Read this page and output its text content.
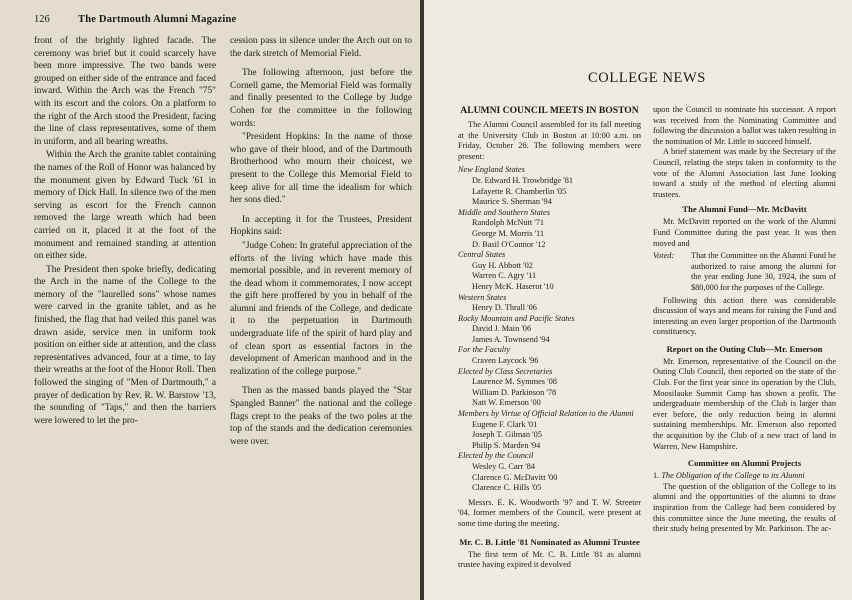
126	The Dartmouth Alumni Magazine

front of the brightly lighted facade. The ceremony was brief but it could scarcely have been more impressive. The two bands were grouped on either side of the entrance and faced inward. Within the Arch was the French "75" with its escort and the colors. On a platform to the right of the Arch stood the President, facing the line of class representatives, some of them in uniform, and all bearing wreaths.

Within the Arch the granite tablet containing the names of the Roll of Honor was balanced by the monument given by Edward Tuck '61 in memory of Dick Hall. In silence two of the men serving as escort for the French cannon removed the large wreath which had been carried on it, placed it at the foot of the monument and remained standing at attention on either side.

The President then spoke briefly, dedicating the Arch in the name of the College to the memory of the "laurelled sons" whose names were carved in the granite tablet, and as he finished, the flag that had veiled this panel was drawn aside, service men in uniform took position on either side at attention, and the class representatives advanced, four at a time, to lay their wreaths at the foot of the Honor Roll. Then followed the singing of "Men of Dartmouth," a prayer of dedication by Rev. R. W. Barstow '13, the sounding of "Taps," and then the barriers were lowered to let the pro-

cession pass in silence under the Arch out on to the dark stretch of Memorial Field.

The following afternoon, just before the Cornell game, the Memorial Field was formally and finally presented to the College by Judge Cohen for the committee in the following words:

"President Hopkins: In the name of those who gave of their blood, and of the Dartmouth Brotherhood who mourn their choicest, we present to the College this Memorial Field to keep alive for all time the idealism for which her sons died."

In accepting it for the Trustees, President Hopkins said:

"Judge Cohen: In grateful appreciation of the efforts of the living which have made this memorial possible, and in reverent memory of the dead whom it commemorates, I now accept the gift here proffered by you in behalf of the alumni and friends of the College, and dedicate it to the perpetuation in Dartmouth undergraduate life of the spirit of hard play and of clean sport as essential factors in the development of American manhood and in the realization of the college purpose."

Then as the massed bands played the "Star Spangled Banner" the national and the college flags crept to the peaks of the two poles at the top of the stands and the dedication ceremonies were over.

COLLEGE NEWS
ALUMNI COUNCIL MEETS IN BOSTON

The Alumni Council assembled for its fall meeting at the University Club in Boston at 10:00 a.m. on Friday, October 26. The following members were present:

New England States
Dr. Edward H. Trowbridge '81
Lafayette R. Chamberlin '05
Maurice S. Sherman '94
Middle and Southern States
Randolph McNutt '71
George M. Morris '11
D. Basil O'Connor '12
Central States
Guy H. Abbott '02
Warren C. Agry '11
Henry McK. Haserot '10
Western States
Henry D. Thrall '06
Rocky Mountain and Pacific States
David J. Main '06
James A. Townsend '94
For the Faculty
Craven Laycock '96
Elected by Class Secretaries
Laurence M. Symmes '08
William D. Parkinson '78
Natt W. Emerson '00
Members by Virtue of Official Relation to the Alumni
Eugene F. Clark '01
Joseph T. Gilman '05
Philip S. Marden '94
Elected by the Council
Wesley G. Carr '84
Clarence G. McDavitt '00
Clarence C. Hills '05

Messrs. E. K. Woodworth '97 and T. W. Streeter '04, former members of the Council, were present at some time during the meeting.

Mr. C. B. Little '81 Nominated as Alumni Trustee

The first term of Mr. C. B. Little '81 as alumni trustee having expired it devolved

upon the Council to nominate his successor. A report was received from the Nominating Committee and following the discussion a ballot was taken resulting in the nomination of Mr. Little to succeed himself.

A brief statement was made by the Secretary of the Council, relating the steps taken in conformity to the vote of the Alumni Association last June looking toward a study of the method of electing alumni trustees.

The Alumni Fund—Mr. McDavitt

Mr. McDavitt reported on the work of the Alumni Fund Committee during the past year. It was then moved and

Voted:	That the Committee on the Alumni Fund be authorized to raise among the alumni for the year ending June 30, 1924, the sum of $80,000 for the purposes of the College.

Following this action there was considerable discussion of ways and means for raising the Fund and interesting an even larger proportion of the Dartmouth constituency.

Report on the Outing Club—Mr. Emerson

Mr. Emerson, representative of the Council on the Outing Club Council, then reported on the state of the Club. For the first year since its operation by the Club, Moosilauke Summit Camp has shown a profit. The undergraduate membership of the Club is larger than ever before, the only reduction being in alumni sustaining memberships. Mr. Emerson also reported the acquisition by the Club of a new tract of land in Warren, New Hampshire.

Committee on Alumni Projects

1. The Obligation of the College to its Alumni

The question of the obligation of the College to its alumni and the opportunities of the alumni to draw inspiration from the College had been considered by this committee since the June meeting, the results of their study being presented by Mr. Parkinson. The ac-
